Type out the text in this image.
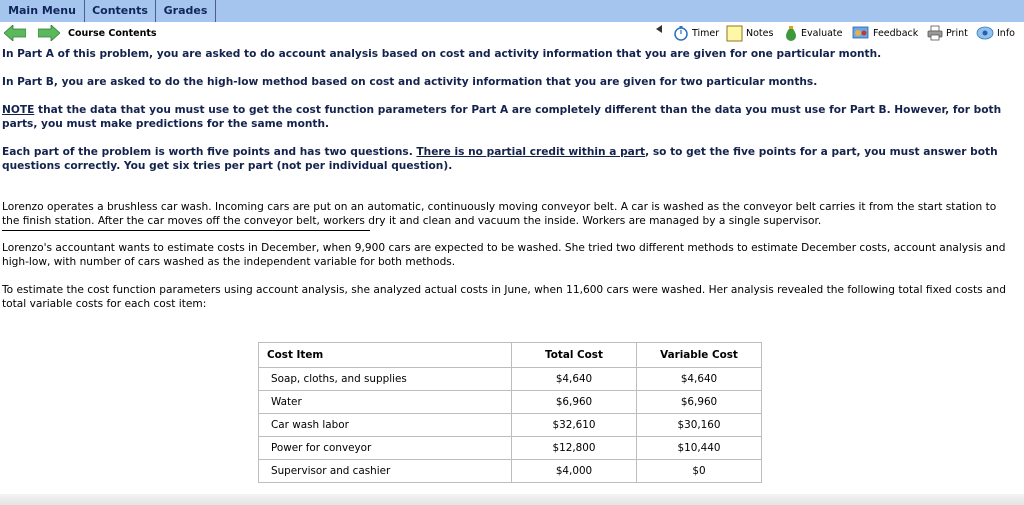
Main Menu	Contents	Grades
Course Contents	Timer	Notes	Evaluate	Feedback	Print	Info

In Part A of this problem, you are asked to do account analysis based on cost and activity information that you are given for one particular month.

In Part B, you are asked to do the high-low method based on cost and activity information that you are given for two particular months.

NOTE that the data that you must use to get the cost function parameters for Part A are completely different than the data you must use for Part B. However, for both parts, you must make predictions for the same month.

Each part of the problem is worth five points and has two questions. There is no partial credit within a part, so to get the five points for a part, you must answer both questions correctly. You get six tries per part (not per individual question).

Lorenzo operates a brushless car wash. Incoming cars are put on an automatic, continuously moving conveyor belt. A car is washed as the conveyor belt carries it from the start station to the finish station. After the car moves off the conveyor belt, workers dry it and clean and vacuum the inside. Workers are managed by a single supervisor.

Lorenzo's accountant wants to estimate costs in December, when 9,900 cars are expected to be washed. She tried two different methods to estimate December costs, account analysis and high-low, with number of cars washed as the independent variable for both methods.

To estimate the cost function parameters using account analysis, she analyzed actual costs in June, when 11,600 cars were washed. Her analysis revealed the following total fixed costs and total variable costs for each cost item:

Cost Item	Total Cost	Variable Cost
Soap, cloths, and supplies	$4,640	$4,640
Water	$6,960	$6,960
Car wash labor	$32,610	$30,160
Power for conveyor	$12,800	$10,440
Supervisor and cashier	$4,000	$0
